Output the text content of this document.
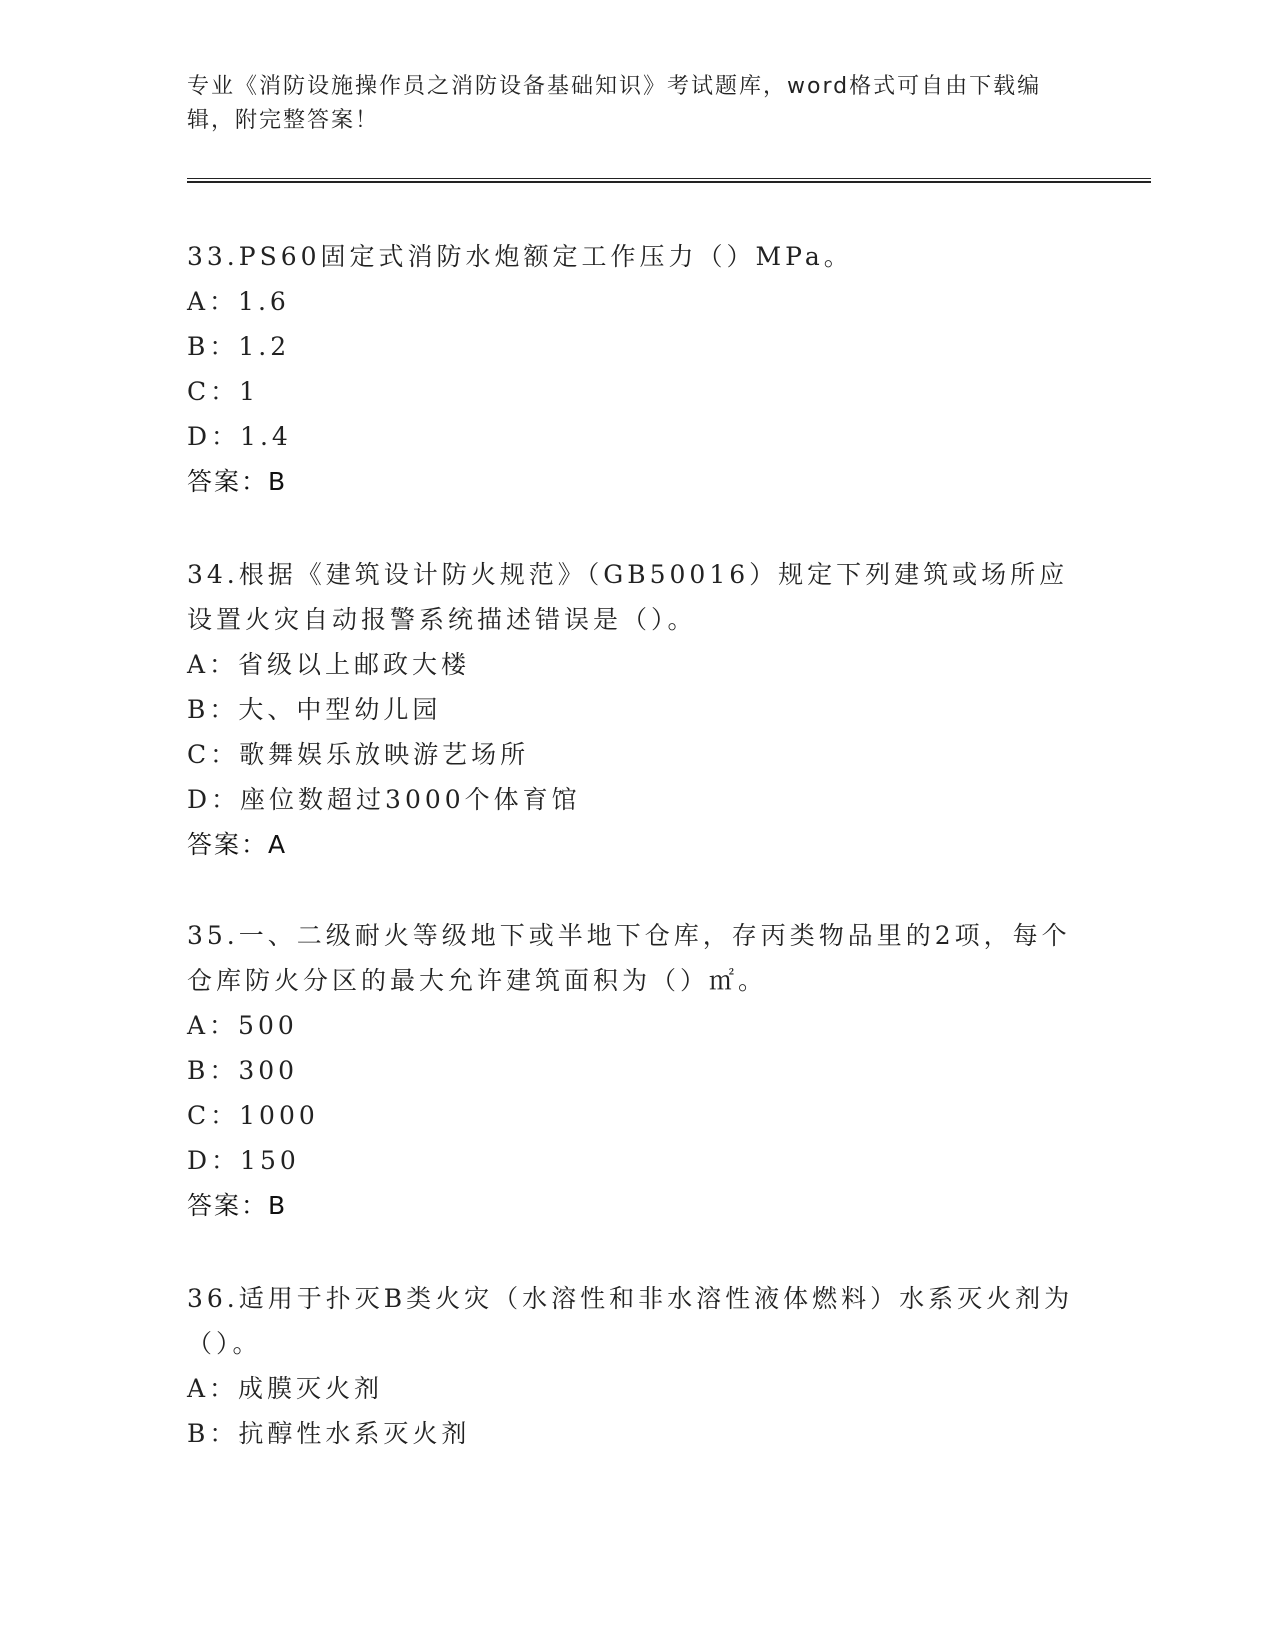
专业《消防设施操作员之消防设备基础知识》考试题库，word格式可自由下载编辑，附完整答案！

33.PS60固定式消防水炮额定工作压力（）MPa。

A：1.6

B：1.2

C：1

D：1.4

答案：B

34.根据《建筑设计防火规范》（GB50016）规定下列建筑或场所应设置火灾自动报警系统描述错误是（）。

A：省级以上邮政大楼

B：大、中型幼儿园

C：歌舞娱乐放映游艺场所

D：座位数超过3000个体育馆

答案：A

35.一、二级耐火等级地下或半地下仓库，存丙类物品里的2项，每个仓库防火分区的最大允许建筑面积为（）㎡。

A：500

B：300

C：1000

D：150

答案：B

36.适用于扑灭B类火灾（水溶性和非水溶性液体燃料）水系灭火剂为（）。

A：成膜灭火剂

B：抗醇性水系灭火剂
